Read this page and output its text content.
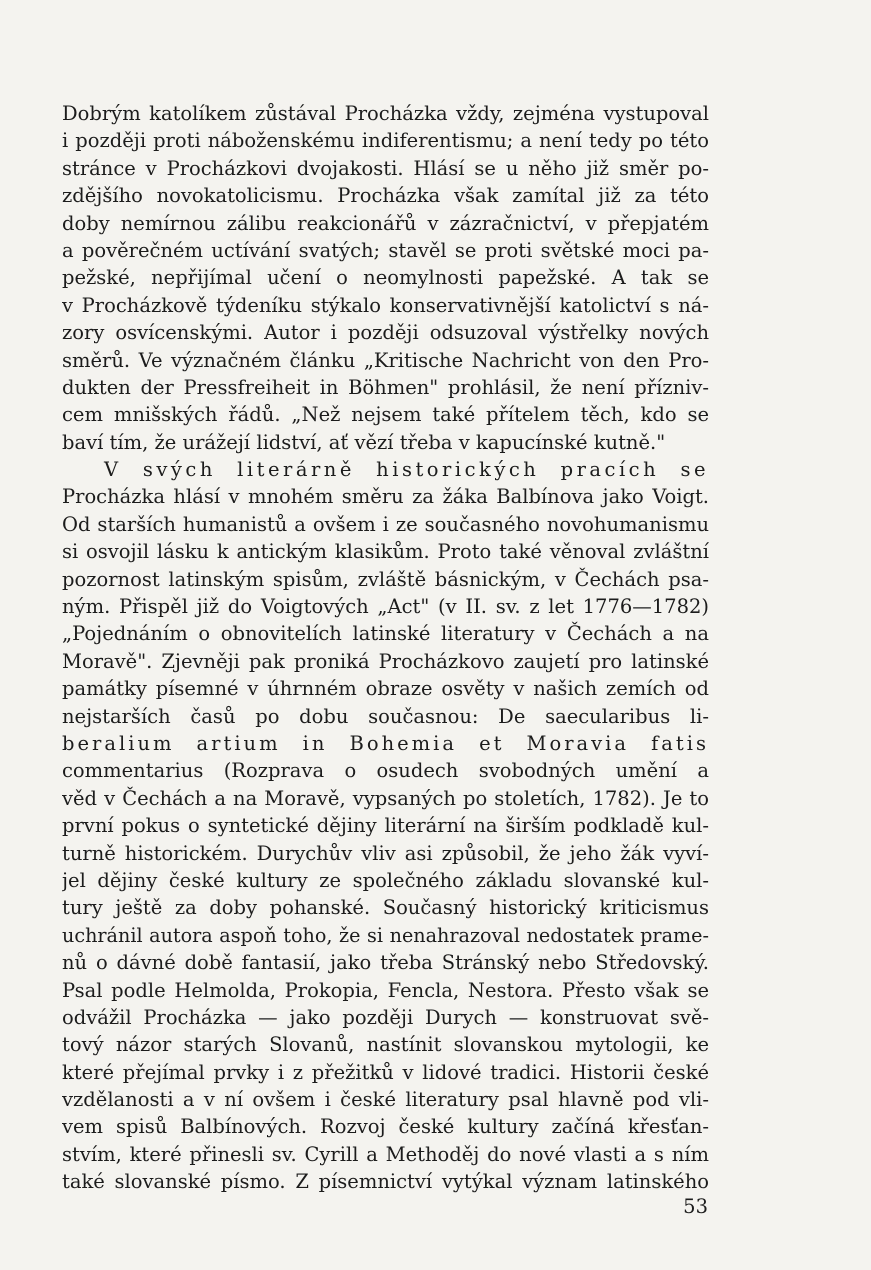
Dobrým katolíkem zůstával Procházka vždy, zejména vystupoval
i později proti náboženskému indiferentismu; a není tedy po této
stránce v Procházkovi dvojakosti. Hlásí se u něho již směr po-
zdějšího novokatolicismu. Procházka však zamítal již za této
doby nemírnou zálibu reakcionářů v zázračnictví, v přepjatém
a pověrečném uctívání svatých; stavěl se proti světské moci pa-
pežské, nepřijímal učení o neomylnosti papežské. A tak se
v Procházkově týdeníku stýkalo konservativnější katolictví s ná-
zory osvícenskými. Autor i později odsuzoval výstřelky nových
směrů. Ve význačném článku „Kritische Nachricht von den Pro-
dukten der Pressfreiheit in Böhmen" prohlásil, že není přízniv-
cem mnišských řádů. „Než nejsem také přítelem těch, kdo se
baví tím, že urážejí lidství, ať vězí třeba v kapucínské kutně."
V svých literárně historických pracích se
Procházka hlásí v mnohém směru za žáka Balbínova jako Voigt.
Od starších humanistů a ovšem i ze současného novohumanismu
si osvojil lásku k antickým klasikům. Proto také věnoval zvláštní
pozornost latinským spisům, zvláště básnickým, v Čechách psa-
ným. Přispěl již do Voigtových „Act" (v II. sv. z let 1776—1782)
„Pojednáním o obnovitelích latinské literatury v Čechách a na
Moravě". Zjevněji pak proniká Procházkovo zaujetí pro latinské
památky písemné v úhrnném obraze osvěty v našich zemích od
nejstarších časů po dobu současnou: De saecularibus li-
beralium artium in Bohemia et Moravia fatis
commentarius (Rozprava o osudech svobodných umění a
věd v Čechách a na Moravě, vypsaných po stoletích, 1782). Je to
první pokus o syntetické dějiny literární na širším podkladě kul-
turně historickém. Durychův vliv asi způsobil, že jeho žák vyví-
jel dějiny české kultury ze společného základu slovanské kul-
tury ještě za doby pohanské. Současný historický kriticismus
uchránil autora aspoň toho, že si nenahrazoval nedostatek prame-
nů o dávné době fantasií, jako třeba Stránský nebo Středovský.
Psal podle Helmolda, Prokopia, Fencla, Nestora. Přesto však se
odvážil Procházka — jako později Durych — konstruovat svě-
tový názor starých Slovanů, nastínit slovanskou mytologii, ke
které přejímal prvky i z přežitků v lidové tradici. Historii české
vzdělanosti a v ní ovšem i české literatury psal hlavně pod vli-
vem spisů Balbínových. Rozvoj české kultury začíná křesťan-
stvím, které přinesli sv. Cyrill a Methoděj do nové vlasti a s ním
také slovanské písmo. Z písemnictví vytýkal význam latinského
53
